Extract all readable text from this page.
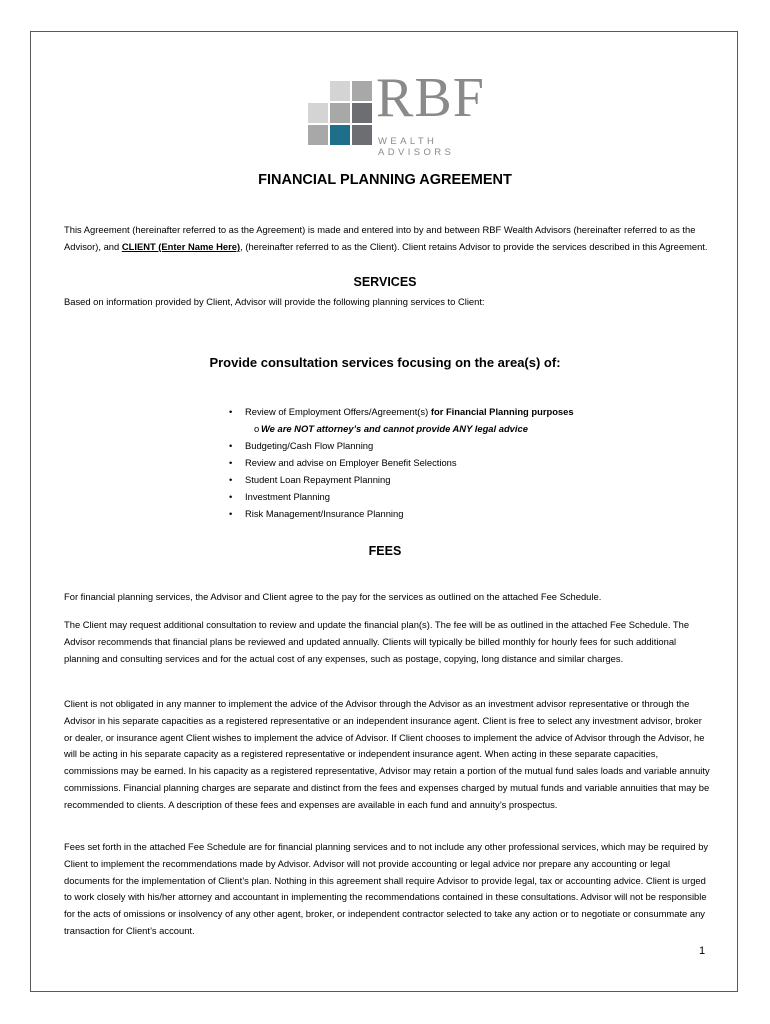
RBF
WEALTH ADVISORS
FINANCIAL PLANNING AGREEMENT
This Agreement (hereinafter referred to as the Agreement) is made and entered into by and between RBF Wealth Advisors (hereinafter referred to as the Advisor), and CLIENT (Enter Name Here), (hereinafter referred to as the Client). Client retains Advisor to provide the services described in this Agreement.
SERVICES
Based on information provided by Client, Advisor will provide the following planning services to Client:
Provide consultation services focusing on the area(s) of:
• Review of Employment Offers/Agreement(s) for Financial Planning purposes
o We are NOT attorney’s and cannot provide ANY legal advice
• Budgeting/Cash Flow Planning
• Review and advise on Employer Benefit Selections
• Student Loan Repayment Planning
• Investment Planning
• Risk Management/Insurance Planning
FEES
For financial planning services, the Advisor and Client agree to the pay for the services as outlined on the attached Fee Schedule.
The Client may request additional consultation to review and update the financial plan(s). The fee will be as outlined in the attached Fee Schedule. The Advisor recommends that financial plans be reviewed and updated annually. Clients will typically be billed monthly for hourly fees for such additional planning and consulting services and for the actual cost of any expenses, such as postage, copying, long distance and similar charges.
Client is not obligated in any manner to implement the advice of the Advisor through the Advisor as an investment advisor representative or through the Advisor in his separate capacities as a registered representative or an independent insurance agent. Client is free to select any investment advisor, broker or dealer, or insurance agent Client wishes to implement the advice of Advisor. If Client chooses to implement the advice of Advisor through the Advisor, he will be acting in his separate capacity as a registered representative or independent insurance agent. When acting in these separate capacities, commissions may be earned. In his capacity as a registered representative, Advisor may retain a portion of the mutual fund sales loads and variable annuity commissions. Financial planning charges are separate and distinct from the fees and expenses charged by mutual funds and variable annuities that may be recommended to clients. A description of these fees and expenses are available in each fund and annuity’s prospectus.
Fees set forth in the attached Fee Schedule are for financial planning services and to not include any other professional services, which may be required by Client to implement the recommendations made by Advisor. Advisor will not provide accounting or legal advice nor prepare any accounting or legal documents for the implementation of Client’s plan. Nothing in this agreement shall require Advisor to provide legal, tax or accounting advice. Client is urged to work closely with his/her attorney and accountant in implementing the recommendations contained in these consultations. Advisor will not be responsible for the acts of omissions or insolvency of any other agent, broker, or independent contractor selected to take any action or to negotiate or consummate any transaction for Client’s account.
1
